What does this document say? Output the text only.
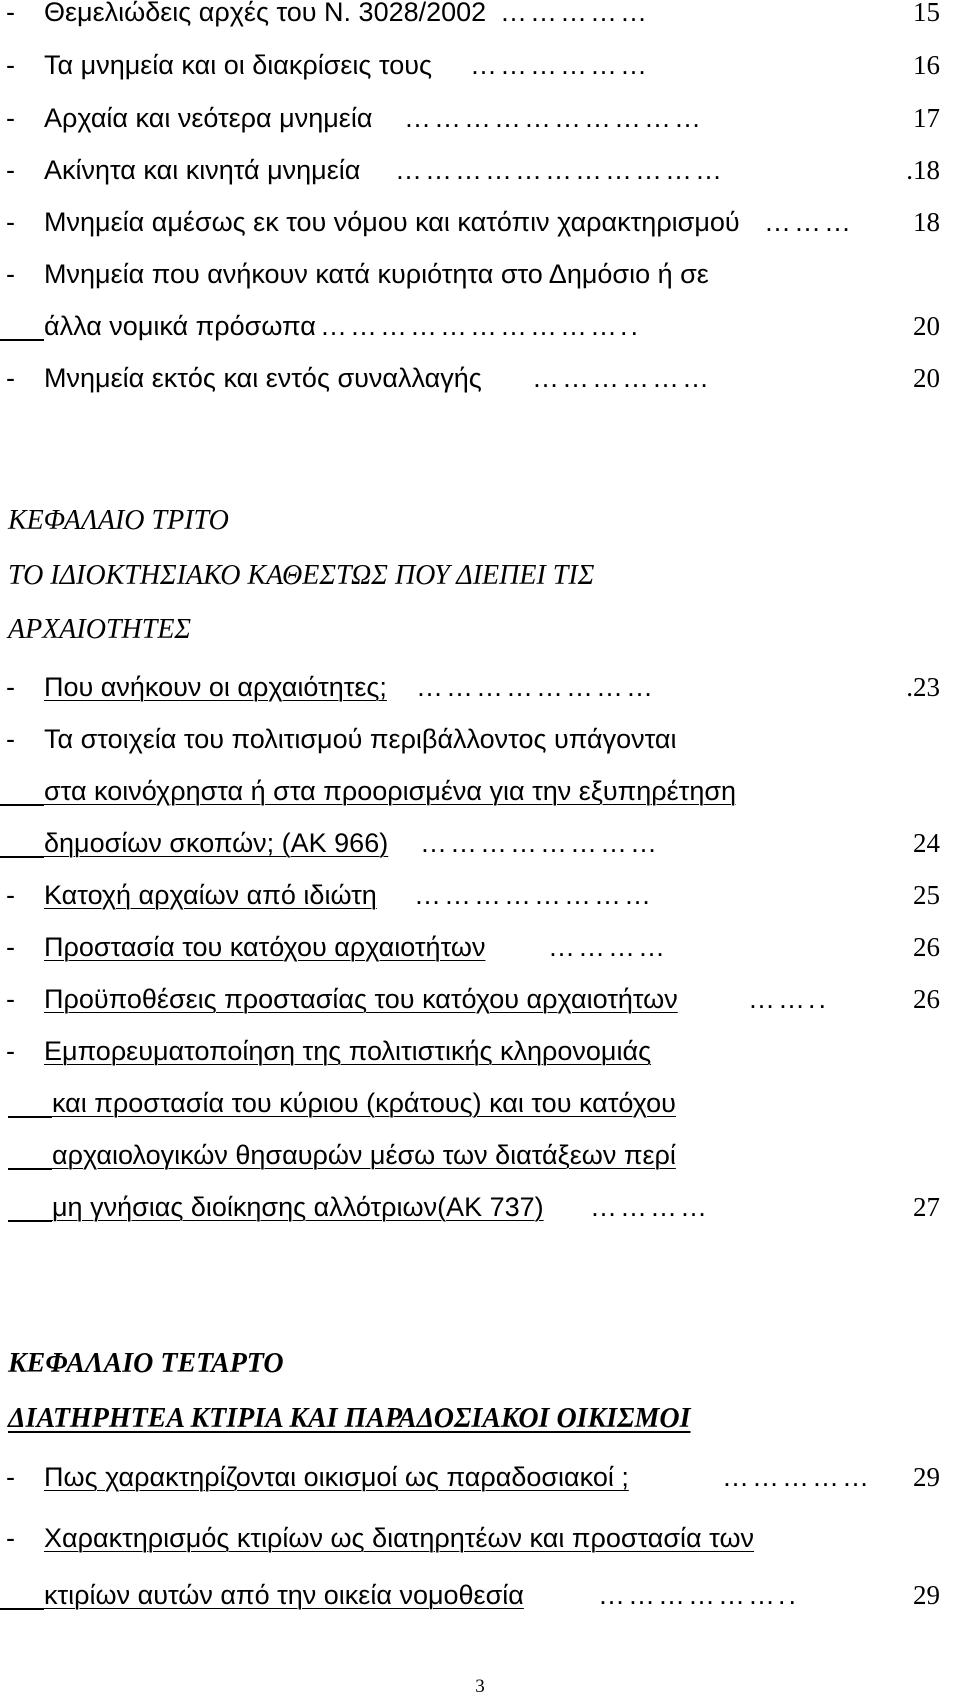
- Θεμελιώδεις αρχές του Ν. 3028/2002 ……………	15
- Τα μνημεία και οι διακρίσεις τους ………………	16
- Αρχαία και νεότερα μνημεία …………………………	17
- Ακίνητα και κινητά μνημεία ……………………………	.18
- Μνημεία αμέσως εκ του νόμου και κατόπιν χαρακτηρισμού ………	18
- Μνημεία που ανήκουν κατά κυριότητα στο Δημόσιο ή σε
άλλα νομικά πρόσωπα …………………………..	20
- Μνημεία εκτός και εντός συναλλαγής ………………	20
ΚΕΦΑΛΑΙΟ ΤΡΙΤΟ
ΤΟ ΙΔΙΟΚΤΗΣΙΑΚΟ ΚΑΘΕΣΤΩΣ ΠΟΥ ΔΙΕΠΕΙ ΤΙΣ
ΑΡΧΑΙΟΤΗΤΕΣ
- Που ανήκουν οι αρχαιότητες; ……………………	.23
- Τα στοιχεία του πολιτισμού περιβάλλοντος υπάγονται
στα κοινόχρηστα ή στα προορισμένα για την εξυπηρέτηση
δημοσίων σκοπών; (ΑΚ 966) ……………………	24
- Κατοχή αρχαίων από ιδιώτη ……………………	25
- Προστασία του κατόχου αρχαιοτήτων …………	26
- Προϋποθέσεις προστασίας του κατόχου αρχαιοτήτων	……..	26
- Εμπορευματοποίηση της πολιτιστικής κληρονομιάς
και προστασία του κύριου (κράτους) και του κατόχου
αρχαιολογικών θησαυρών μέσω των διατάξεων περί
μη γνήσιας διοίκησης αλλότριων(ΑΚ 737) …………	27
ΚΕΦΑΛΑΙΟ ΤΕΤΑΡΤΟ
ΔΙΑΤΗΡΗΤΕΑ ΚΤΙΡΙΑ ΚΑΙ ΠΑΡΑΔΟΣΙΑΚΟΙ ΟΙΚΙΣΜΟΙ
- Πως χαρακτηρίζονται οικισμοί ως παραδοσιακοί ;	……………	29
- Χαρακτηρισμός κτιρίων ως διατηρητέων και προστασία των
κτιρίων αυτών από την οικεία νομοθεσία	………………..	29
3
